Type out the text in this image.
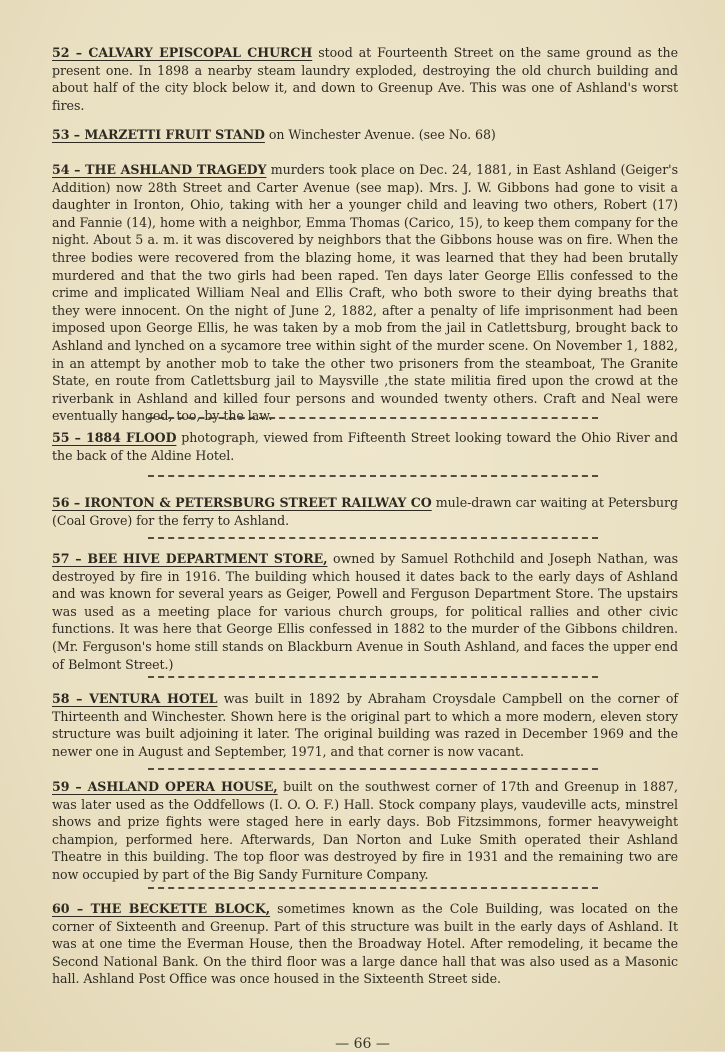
52 – CALVARY EPISCOPAL CHURCH stood at Fourteenth Street on the same ground as the present one. In 1898 a nearby steam laundry exploded, destroying the old church building and about half of the city block below it, and down to Greenup Ave. This was one of Ashland's worst fires.

53 – MARZETTI FRUIT STAND on Winchester Avenue. (see No. 68)

54 – THE ASHLAND TRAGEDY murders took place on Dec. 24, 1881, in East Ashland (Geiger's Addition) now 28th Street and Carter Avenue (see map). Mrs. J. W. Gibbons had gone to visit a daughter in Ironton, Ohio, taking with her a younger child and leaving two others, Robert (17) and Fannie (14), home with a neighbor, Emma Thomas (Carico, 15), to keep them company for the night. About 5 a. m. it was discovered by neighbors that the Gibbons house was on fire. When the three bodies were recovered from the blazing home, it was learned that they had been brutally murdered and that the two girls had been raped. Ten days later George Ellis confessed to the crime and implicated William Neal and Ellis Craft, who both swore to their dying breaths that they were innocent. On the night of June 2, 1882, after a penalty of life imprisonment had been imposed upon George Ellis, he was taken by a mob from the jail in Catlettsburg, brought back to Ashland and lynched on a sycamore tree within sight of the murder scene. On November 1, 1882, in an attempt by another mob to take the other two prisoners from the steamboat, The Granite State, en route from Catlettsburg jail to Maysville ,the state militia fired upon the crowd at the riverbank in Ashland and killed four persons and wounded twenty others. Craft and Neal were eventually hanged, too, by the law.

55 – 1884 FLOOD photograph, viewed from Fifteenth Street looking toward the Ohio River and the back of the Aldine Hotel.

56 – IRONTON & PETERSBURG STREET RAILWAY CO mule-drawn car waiting at Petersburg (Coal Grove) for the ferry to Ashland.

57 – BEE HIVE DEPARTMENT STORE, owned by Samuel Rothchild and Joseph Nathan, was destroyed by fire in 1916. The building which housed it dates back to the early days of Ashland and was known for several years as Geiger, Powell and Ferguson Department Store. The upstairs was used as a meeting place for various church groups, for political rallies and other civic functions. It was here that George Ellis confessed in 1882 to the murder of the Gibbons children. (Mr. Ferguson's home still stands on Blackburn Avenue in South Ashland, and faces the upper end of Belmont Street.)

58 – VENTURA HOTEL was built in 1892 by Abraham Croysdale Campbell on the corner of Thirteenth and Winchester. Shown here is the original part to which a more modern, eleven story structure was built adjoining it later. The original building was razed in December 1969 and the newer one in August and September, 1971, and that corner is now vacant.

59 – ASHLAND OPERA HOUSE, built on the southwest corner of 17th and Greenup in 1887, was later used as the Oddfellows (I. O. O. F.) Hall. Stock company plays, vaudeville acts, minstrel shows and prize fights were staged here in early days. Bob Fitzsimmons, former heavyweight champion, performed here. Afterwards, Dan Norton and Luke Smith operated their Ashland Theatre in this building. The top floor was destroyed by fire in 1931 and the remaining two are now occupied by part of the Big Sandy Furniture Company.

60 – THE BECKETTE BLOCK, sometimes known as the Cole Building, was located on the corner of Sixteenth and Greenup. Part of this structure was built in the early days of Ashland. It was at one time the Everman House, then the Broadway Hotel. After remodeling, it became the Second National Bank. On the third floor was a large dance hall that was also used as a Masonic hall. Ashland Post Office was once housed in the Sixteenth Street side.

— 66 —
